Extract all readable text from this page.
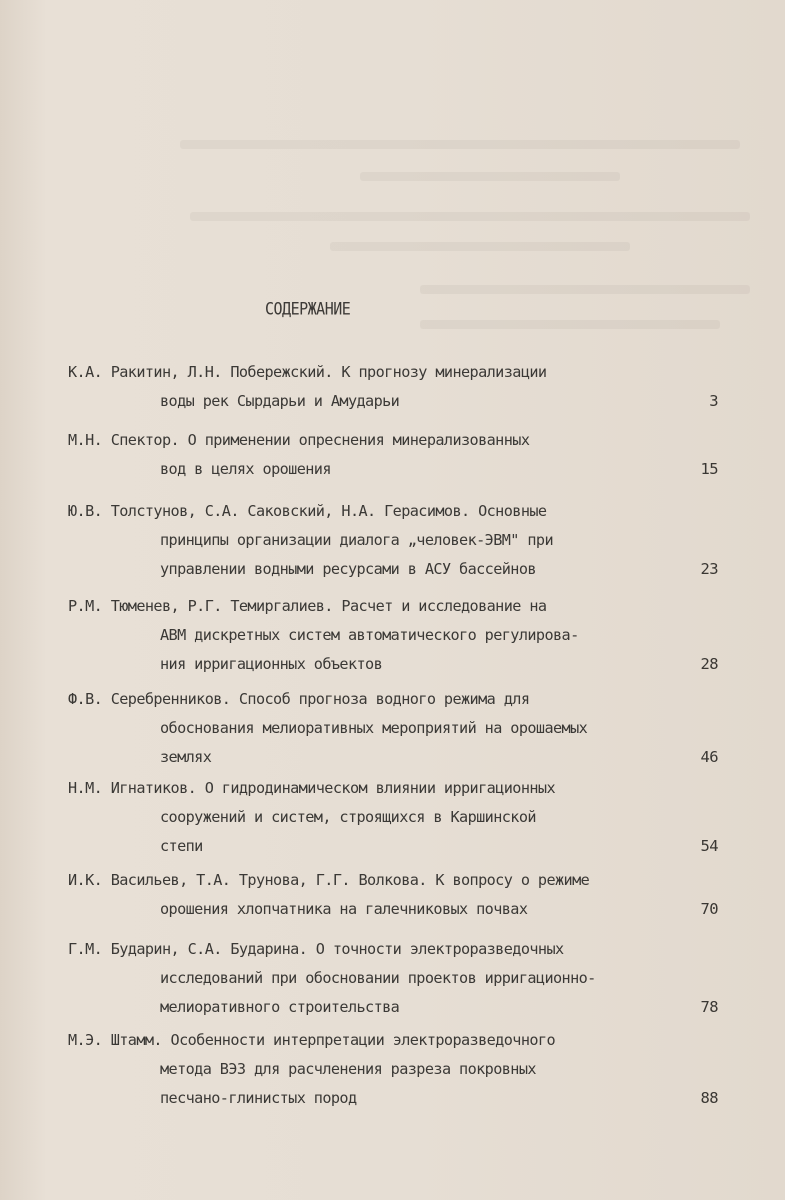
СОДЕРЖАНИЕ
К.А. Ракитин, Л.Н. Побережский. К прогнозу минерализации
воды рек Сырдарьи и Амударьи	3
М.Н. Спектор. О применении опреснения минерализованных
вод в целях орошения	15
Ю.В. Толстунов, С.А. Саковский, Н.А. Герасимов. Основные
принципы организации диалога „человек-ЭВМ" при
управлении водными ресурсами в АСУ бассейнов	23
Р.М. Тюменев, Р.Г. Темиргалиев. Расчет и исследование на
АВМ дискретных систем автоматического регулирова-
ния ирригационных объектов	28
Ф.В. Серебренников. Способ прогноза водного режима для
обоснования мелиоративных мероприятий на орошаемых
землях	46
Н.М. Игнатиков. О гидродинамическом влиянии ирригационных
сооружений и систем, строящихся в Каршинской
степи	54
И.К. Васильев, Т.А. Трунова, Г.Г. Волкова. К вопросу о режиме
орошения хлопчатника на галечниковых почвах	70
Г.М. Бударин, С.А. Бударина. О точности электроразведочных
исследований при обосновании проектов ирригационно-
мелиоративного строительства	78
М.Э. Штамм. Особенности интерпретации электроразведочного
метода ВЭЗ для расчленения разреза покровных
песчано-глинистых пород	88
